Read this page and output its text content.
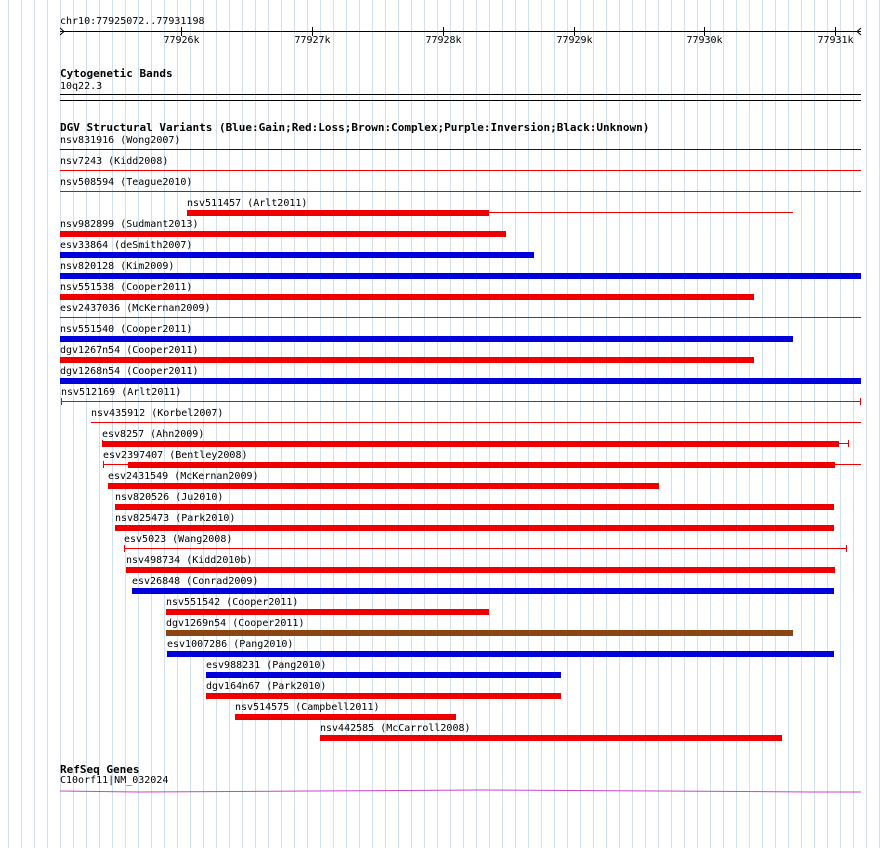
chr10:77925072..77931198
77926k	77927k	77928k	77929k	77930k	77931k
Cytogenetic Bands
10q22.3
DGV Structural Variants (Blue:Gain;Red:Loss;Brown:Complex;Purple:Inversion;Black:Unknown)
nsv831916 (Wong2007)
nsv7243 (Kidd2008)
nsv508594 (Teague2010)
nsv511457 (Arlt2011)
nsv982899 (Sudmant2013)
esv33864 (deSmith2007)
nsv820128 (Kim2009)
nsv551538 (Cooper2011)
esv2437036 (McKernan2009)
nsv551540 (Cooper2011)
dgv1267n54 (Cooper2011)
dgv1268n54 (Cooper2011)
nsv512169 (Arlt2011)
nsv435912 (Korbel2007)
esv8257 (Ahn2009)
esv2397407 (Bentley2008)
esv2431549 (McKernan2009)
nsv820526 (Ju2010)
nsv825473 (Park2010)
esv5023 (Wang2008)
nsv498734 (Kidd2010b)
esv26848 (Conrad2009)
nsv551542 (Cooper2011)
dgv1269n54 (Cooper2011)
esv1007286 (Pang2010)
esv988231 (Pang2010)
dgv164n67 (Park2010)
nsv514575 (Campbell2011)
nsv442585 (McCarroll2008)
RefSeq Genes
C10orf11|NM_032024
